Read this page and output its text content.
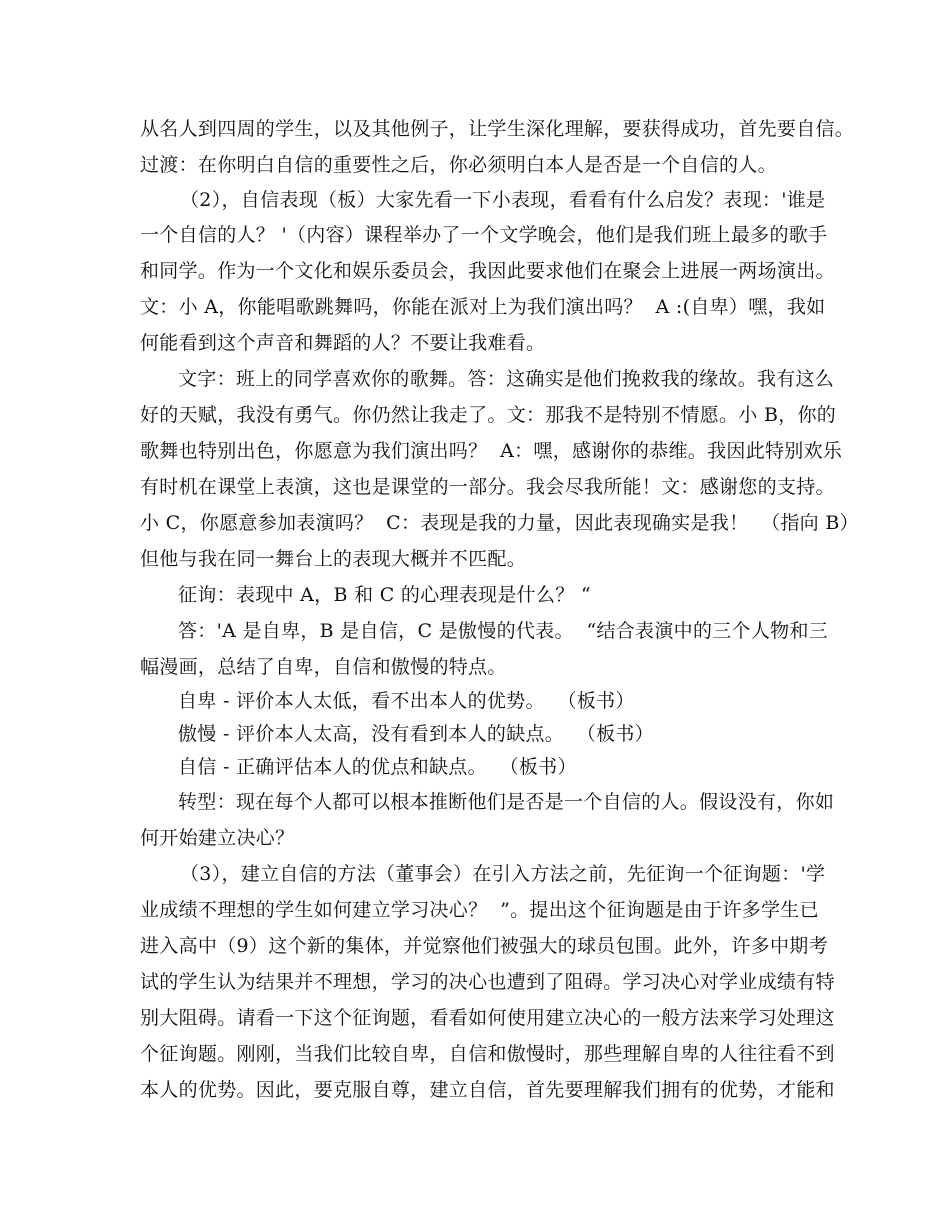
从名人到四周的学生，以及其他例子，让学生深化理解，要获得成功，首先要自信。
过渡：在你明白自信的重要性之后，你必须明白本人是否是一个自信的人。
（2），自信表现（板）大家先看一下小表现，看看有什么启发？表现：'谁是
一个自信的人？ '（内容）课程举办了一个文学晚会，他们是我们班上最多的歌手
和同学。作为一个文化和娱乐委员会，我因此要求他们在聚会上进展一两场演出。
文：小 A，你能唱歌跳舞吗，你能在派对上为我们演出吗？  A :(自卑）嘿，我如
何能看到这个声音和舞蹈的人？不要让我难看。
文字：班上的同学喜欢你的歌舞。答：这确实是他们挽救我的缘故。我有这么
好的天赋，我没有勇气。你仍然让我走了。文：那我不是特别不情愿。小 B，你的
歌舞也特别出色，你愿意为我们演出吗？  A：嘿，感谢你的恭维。我因此特别欢乐
有时机在课堂上表演，这也是课堂的一部分。我会尽我所能！文：感谢您的支持。
小 C，你愿意参加表演吗？  C：表现是我的力量，因此表现确实是我！  （指向 B）
但他与我在同一舞台上的表现大概并不匹配。
征询：表现中 A，B 和 C 的心理表现是什么？ “
答：'A 是自卑，B 是自信，C 是傲慢的代表。  “结合表演中的三个人物和三
幅漫画，总结了自卑，自信和傲慢的特点。
自卑 - 评价本人太低，看不出本人的优势。  （板书）
傲慢 - 评价本人太高，没有看到本人的缺点。  （板书）
自信 - 正确评估本人的优点和缺点。  （板书）
转型：现在每个人都可以根本推断他们是否是一个自信的人。假设没有，你如
何开始建立决心？
（3），建立自信的方法（董事会）在引入方法之前，先征询一个征询题：'学
业成绩不理想的学生如何建立学习决心？  ”。提出这个征询题是由于许多学生已
进入高中（9）这个新的集体，并觉察他们被强大的球员包围。此外，许多中期考
试的学生认为结果并不理想，学习的决心也遭到了阻碍。学习决心对学业成绩有特
别大阻碍。请看一下这个征询题，看看如何使用建立决心的一般方法来学习处理这
个征询题。刚刚，当我们比较自卑，自信和傲慢时，那些理解自卑的人往往看不到
本人的优势。因此，要克服自尊，建立自信，首先要理解我们拥有的优势，才能和
